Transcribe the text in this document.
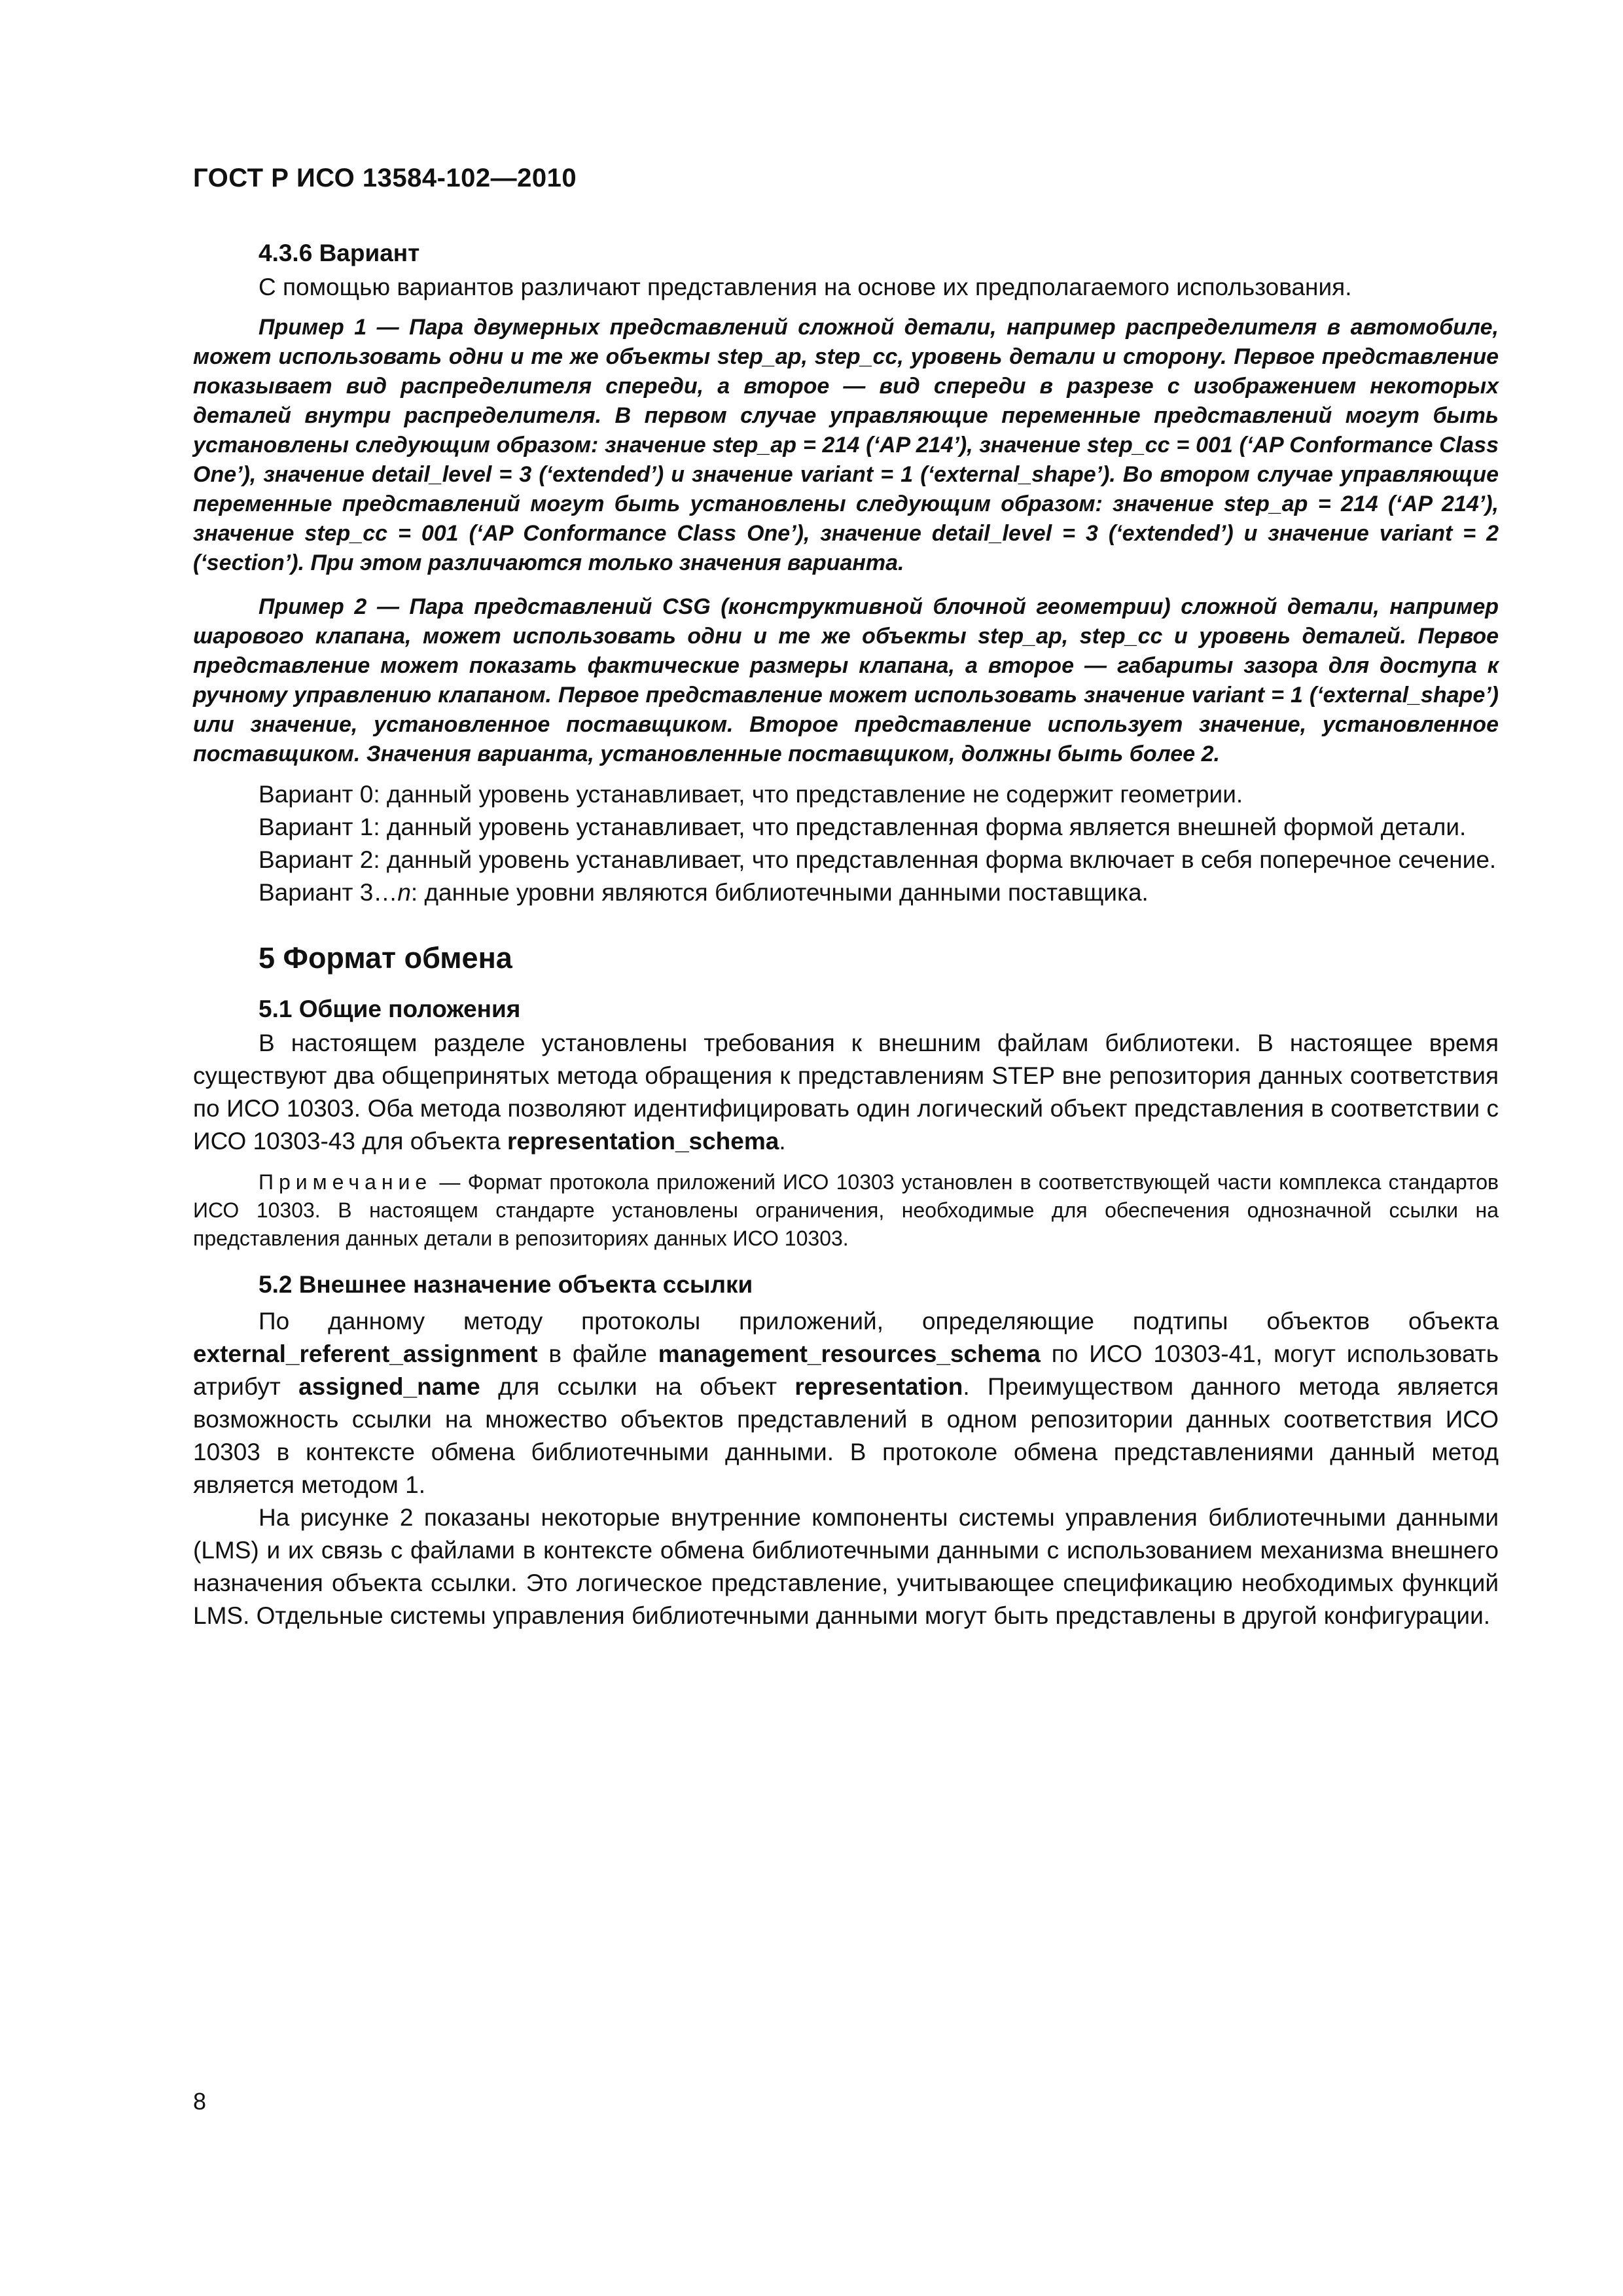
ГОСТ Р ИСО 13584-102—2010

4.3.6 Вариант

С помощью вариантов различают представления на основе их предполагаемого использования.

Пример 1 — Пара двумерных представлений сложной детали, например распределителя в автомобиле, может использовать одни и те же объекты step_ap, step_cc, уровень детали и сторону. Первое представление показывает вид распределителя спереди, а второе — вид спереди в разрезе с изображением некоторых деталей внутри распределителя. В первом случае управляющие переменные представлений могут быть установлены следующим образом: значение step_ap = 214 (‘AP 214’), значение step_cc = 001 (‘AP Conformance Class One’), значение detail_level = 3 (‘extended’) и значение variant = 1 (‘external_shape’). Во втором случае управляющие переменные представлений могут быть установлены следующим образом: значение step_ap = 214 (‘AP 214’), значение step_cc = 001 (‘AP Conformance Class One’), значение detail_level = 3 (‘extended’) и значение variant = 2 (‘section’). При этом различаются только значения варианта.

Пример 2 — Пара представлений CSG (конструктивной блочной геометрии) сложной детали, например шарового клапана, может использовать одни и те же объекты step_ap, step_cc и уровень деталей. Первое представление может показать фактические размеры клапана, а второе — габариты зазора для доступа к ручному управлению клапаном. Первое представление может использовать значение variant = 1 (‘external_shape’) или значение, установленное поставщиком. Второе представление использует значение, установленное поставщиком. Значения варианта, установленные поставщиком, должны быть более 2.

Вариант 0: данный уровень устанавливает, что представление не содержит геометрии.

Вариант 1: данный уровень устанавливает, что представленная форма является внешней формой детали.

Вариант 2: данный уровень устанавливает, что представленная форма включает в себя поперечное сечение.

Вариант 3…n: данные уровни являются библиотечными данными поставщика.

5 Формат обмена

5.1 Общие положения

В настоящем разделе установлены требования к внешним файлам библиотеки. В настоящее время существуют два общепринятых метода обращения к представлениям STEP вне репозитория данных соответствия по ИСО 10303. Оба метода позволяют идентифицировать один логический объект представления в соответствии с ИСО 10303-43 для объекта representation_schema.

Примечание — Формат протокола приложений ИСО 10303 установлен в соответствующей части комплекса стандартов ИСО 10303. В настоящем стандарте установлены ограничения, необходимые для обеспечения однозначной ссылки на представления данных детали в репозиториях данных ИСО 10303.

5.2 Внешнее назначение объекта ссылки

По данному методу протоколы приложений, определяющие подтипы объектов объекта external_referent_assignment в файле management_resources_schema по ИСО 10303-41, могут использовать атрибут assigned_name для ссылки на объект representation. Преимуществом данного метода является возможность ссылки на множество объектов представлений в одном репозитории данных соответствия ИСО 10303 в контексте обмена библиотечными данными. В протоколе обмена представлениями данный метод является методом 1.

На рисунке 2 показаны некоторые внутренние компоненты системы управления библиотечными данными (LMS) и их связь с файлами в контексте обмена библиотечными данными с использованием механизма внешнего назначения объекта ссылки. Это логическое представление, учитывающее спецификацию необходимых функций LMS. Отдельные системы управления библиотечными данными могут быть представлены в другой конфигурации.

8
